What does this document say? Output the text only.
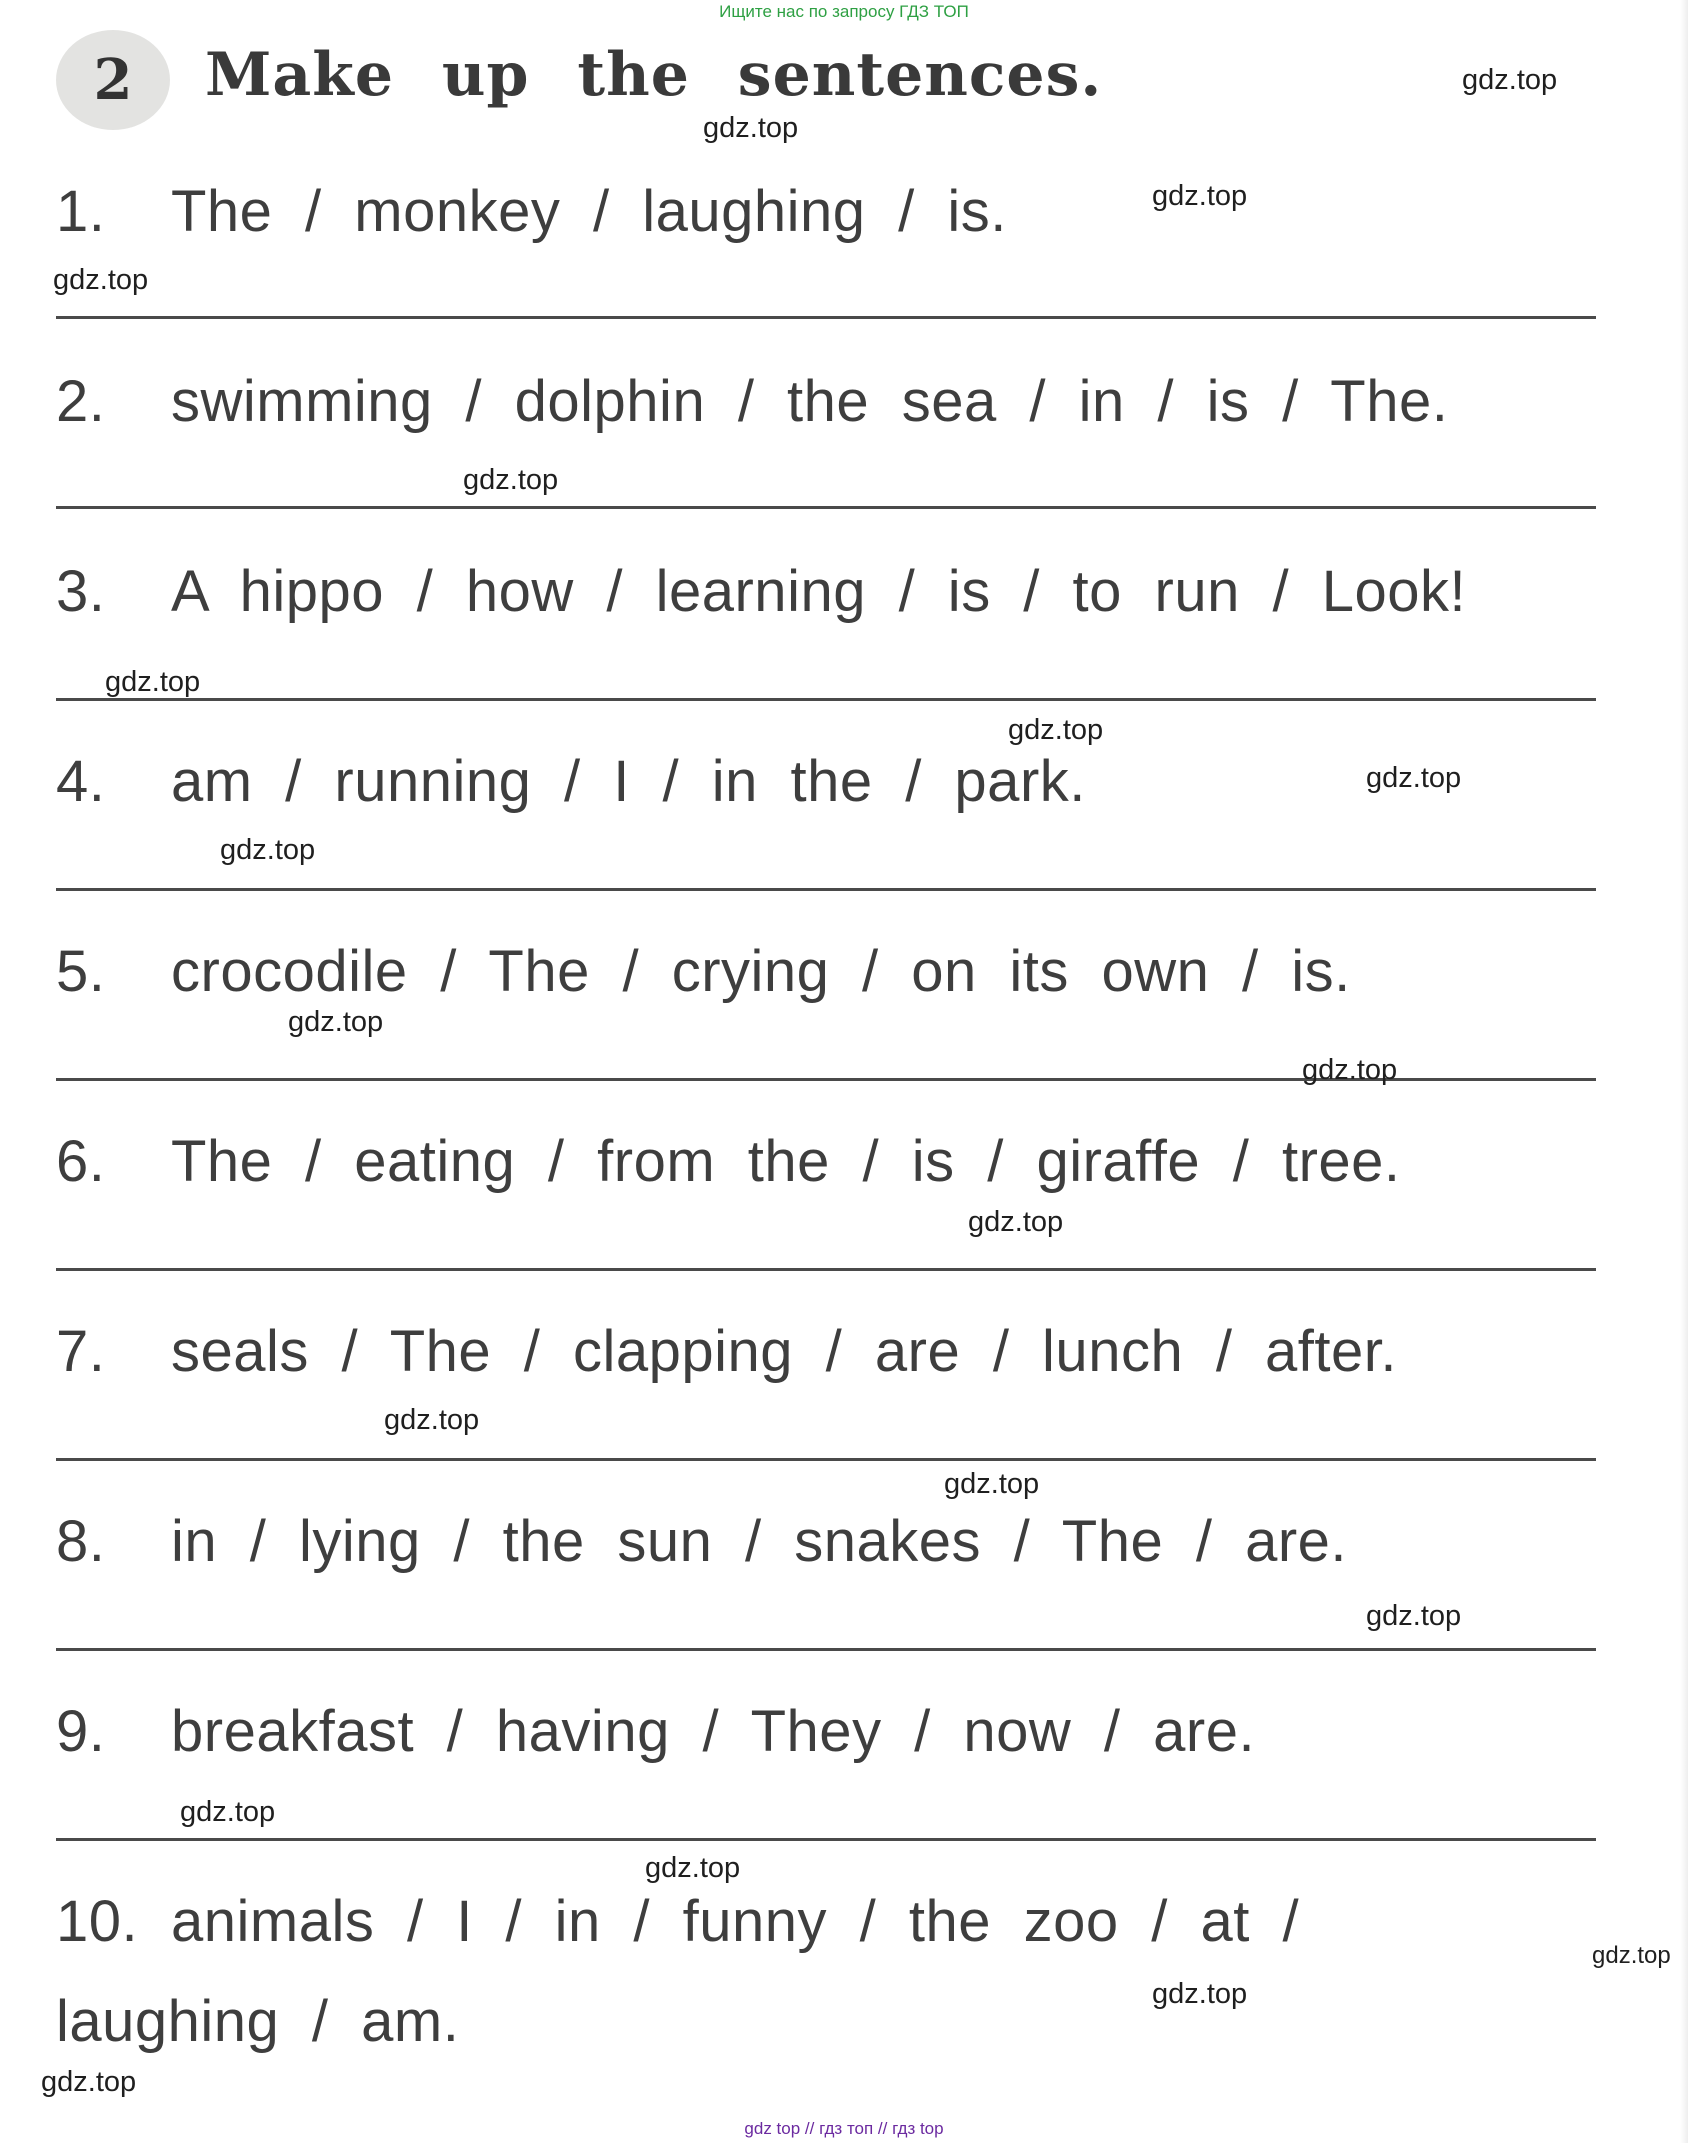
Ищите нас по запросу ГДЗ ТОП
2	Make up the sentences.
1. The / monkey / laughing / is.
2. swimming / dolphin / the sea / in / is / The.
3. A hippo / how / learning / is / to run / Look!
4. am / running / I / in the / park.
5. crocodile / The / crying / on its own / is.
6. The / eating / from the / is / giraffe / tree.
7. seals / The / clapping / are / lunch / after.
8. in / lying / the sun / snakes / The / are.
9. breakfast / having / They / now / are.
10. animals / I / in / funny / the zoo / at /
laughing / am.
gdz.top
gdz.top
gdz.top
gdz.top
gdz.top
gdz.top
gdz.top
gdz.top
gdz.top
gdz.top
gdz.top
gdz.top
gdz.top
gdz.top
gdz.top
gdz.top
gdz.top
gdz.top
gdz.top
gdz.top
gdz top // гдз топ // гдз top
